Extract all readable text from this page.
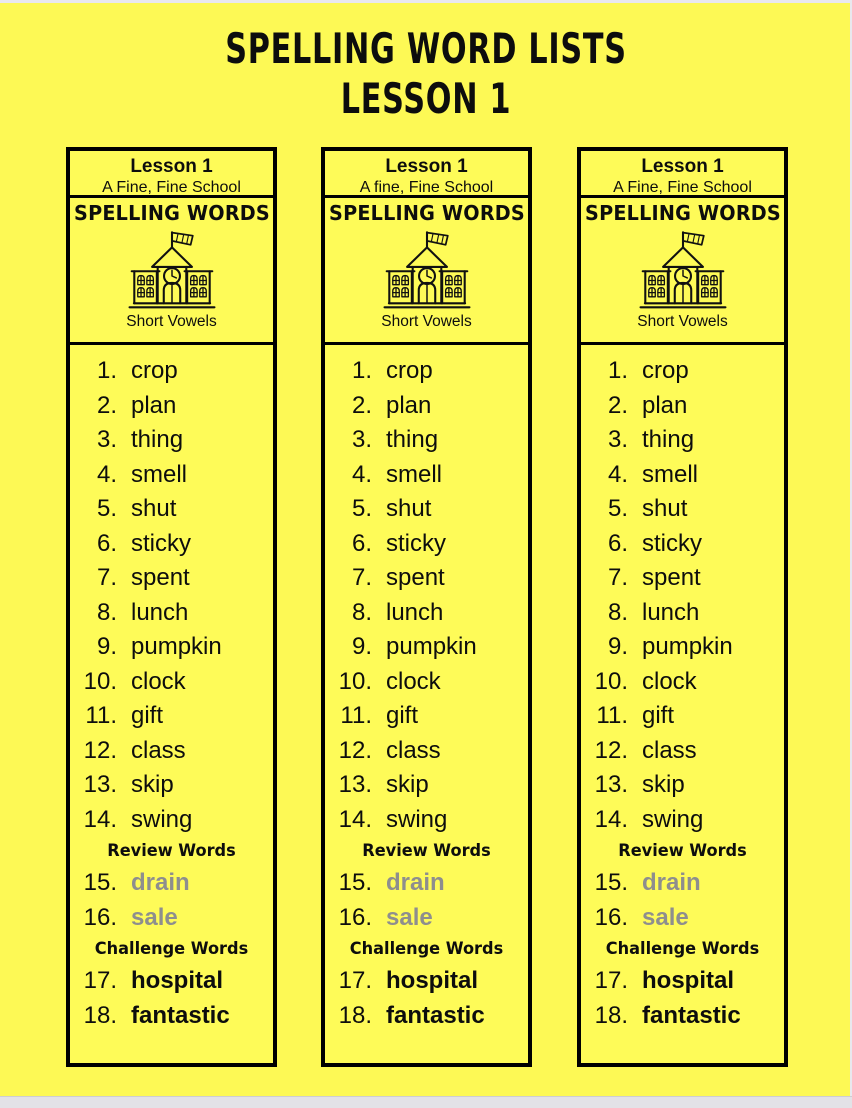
SPELLING WORD LISTS
LESSON 1
Lesson 1
A Fine, Fine School
SPELLING WORDS
Short Vowels
1. crop
2. plan
3. thing
4. smell
5. shut
6. sticky
7. spent
8. lunch
9. pumpkin
10. clock
11. gift
12. class
13. skip
14. swing
Review Words
15. drain
16. sale
Challenge Words
17. hospital
18. fantastic
Lesson 1
A fine, Fine School
SPELLING WORDS
Short Vowels
1. crop
2. plan
3. thing
4. smell
5. shut
6. sticky
7. spent
8. lunch
9. pumpkin
10. clock
11. gift
12. class
13. skip
14. swing
Review Words
15. drain
16. sale
Challenge Words
17. hospital
18. fantastic
Lesson 1
A Fine, Fine School
SPELLING WORDS
Short Vowels
1. crop
2. plan
3. thing
4. smell
5. shut
6. sticky
7. spent
8. lunch
9. pumpkin
10. clock
11. gift
12. class
13. skip
14. swing
Review Words
15. drain
16. sale
Challenge Words
17. hospital
18. fantastic
